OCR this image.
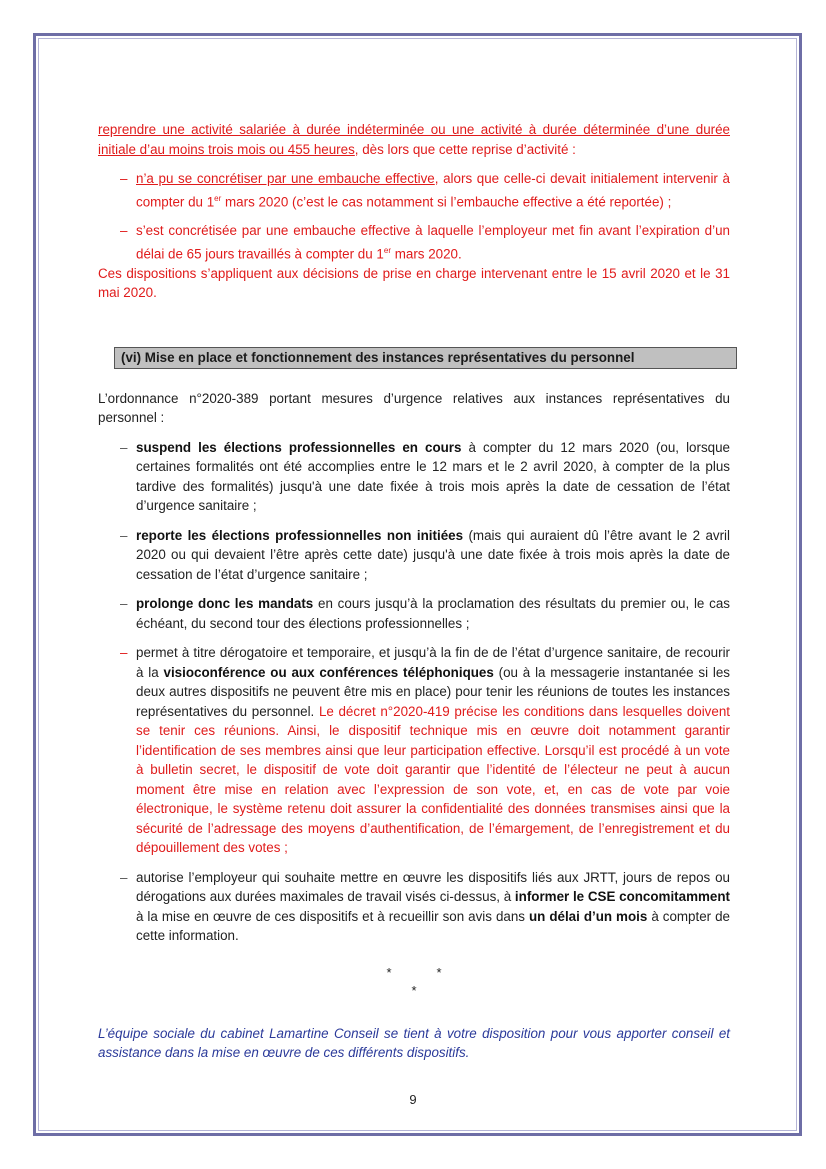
reprendre une activité salariée à durée indéterminée ou une activité à durée déterminée d’une durée initiale d’au moins trois mois ou 455 heures, dès lors que cette reprise d’activité :

– n’a pu se concrétiser par une embauche effective, alors que celle-ci devait initialement intervenir à compter du 1er mars 2020 (c’est le cas notamment si l’embauche effective a été reportée) ;
– s’est concrétisée par une embauche effective à laquelle l’employeur met fin avant l’expiration d’un délai de 65 jours travaillés à compter du 1er mars 2020.

Ces dispositions s’appliquent aux décisions de prise en charge intervenant entre le 15 avril 2020 et le 31 mai 2020.

(vi) Mise en place et fonctionnement des instances représentatives du personnel

L’ordonnance n°2020-389 portant mesures d’urgence relatives aux instances représentatives du personnel :

– suspend les élections professionnelles en cours à compter du 12 mars 2020 (ou, lorsque certaines formalités ont été accomplies entre le 12 mars et le 2 avril 2020, à compter de la plus tardive des formalités) jusqu'à une date fixée à trois mois après la date de cessation de l’état d’urgence sanitaire ;
– reporte les élections professionnelles non initiées (mais qui auraient dû l’être avant le 2 avril 2020 ou qui devaient l’être après cette date) jusqu'à une date fixée à trois mois après la date de cessation de l’état d’urgence sanitaire ;
– prolonge donc les mandats en cours jusqu’à la proclamation des résultats du premier ou, le cas échéant, du second tour des élections professionnelles ;
– permet à titre dérogatoire et temporaire, et jusqu’à la fin de de l’état d’urgence sanitaire, de recourir à la visioconférence ou aux conférences téléphoniques (ou à la messagerie instantanée si les deux autres dispositifs ne peuvent être mis en place) pour tenir les réunions de toutes les instances représentatives du personnel. Le décret n°2020-419 précise les conditions dans lesquelles doivent se tenir ces réunions. Ainsi, le dispositif technique mis en œuvre doit notamment garantir l’identification de ses membres ainsi que leur participation effective. Lorsqu’il est procédé à un vote à bulletin secret, le dispositif de vote doit garantir que l’identité de l’électeur ne peut à aucun moment être mise en relation avec l’expression de son vote, et, en cas de vote par voie électronique, le système retenu doit assurer la confidentialité des données transmises ainsi que la sécurité de l’adressage des moyens d’authentification, de l’émargement, de l’enregistrement et du dépouillement des votes ;
– autorise l’employeur qui souhaite mettre en œuvre les dispositifs liés aux JRTT, jours de repos ou dérogations aux durées maximales de travail visés ci-dessus, à informer le CSE concomitamment à la mise en œuvre de ces dispositifs et à recueillir son avis dans un délai d’un mois à compter de cette information.
*	*
*

L’équipe sociale du cabinet Lamartine Conseil se tient à votre disposition pour vous apporter conseil et assistance dans la mise en œuvre de ces différents dispositifs.

9
